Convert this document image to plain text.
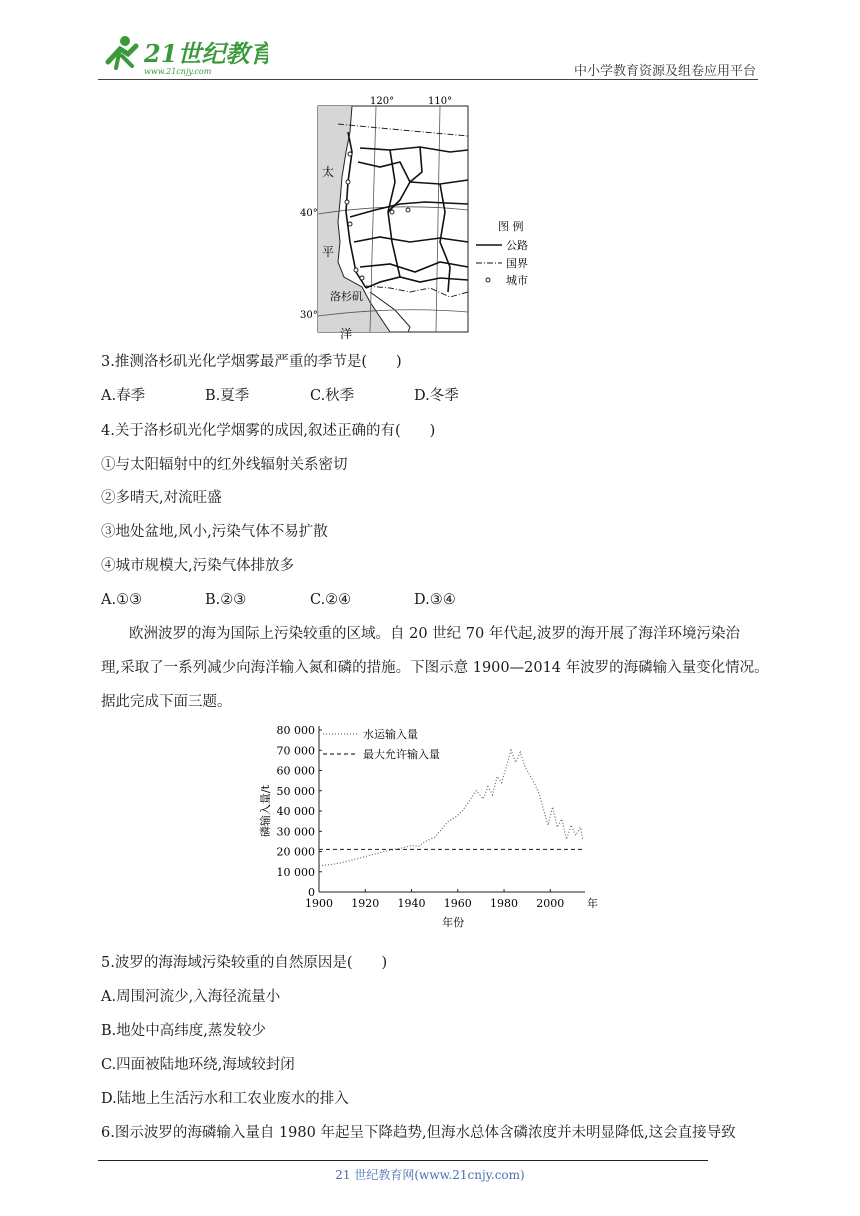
21世纪教育
www.21cnjy.com	中小学教育资源及组卷应用平台
120°	110°
40°
30°
太
平
洋
洛杉矶
图 例
公路
国界
城市
3.推测洛杉矶光化学烟雾最严重的季节是(　　)
A.春季	B.夏季	C.秋季	D.冬季
4.关于洛杉矶光化学烟雾的成因,叙述正确的有(　　)
①与太阳辐射中的红外线辐射关系密切
②多晴天,对流旺盛
③地处盆地,风小,污染气体不易扩散
④城市规模大,污染气体排放多
A.①③	B.②③	C.②④	D.③④
欧洲波罗的海为国际上污染较重的区域。自 20 世纪 70 年代起,波罗的海开展了海洋环境污染治
理,采取了一系列减少向海洋输入氮和磷的措施。下图示意 1900—2014 年波罗的海磷输入量变化情况。
据此完成下面三题。
0
10 000
20 000
30 000
40 000
50 000
60 000
70 000
80 000
1900 1920 1940 1960 1980 2000
磷输入量/t
年份
年
水运输入量
最大允许输入量
5.波罗的海海域污染较重的自然原因是(　　)
A.周围河流少,入海径流量小
B.地处中高纬度,蒸发较少
C.四面被陆地环绕,海域较封闭
D.陆地上生活污水和工农业废水的排入
6.图示波罗的海磷输入量自 1980 年起呈下降趋势,但海水总体含磷浓度并未明显降低,这会直接导致
21 世纪教育网(www.21cnjy.com)
